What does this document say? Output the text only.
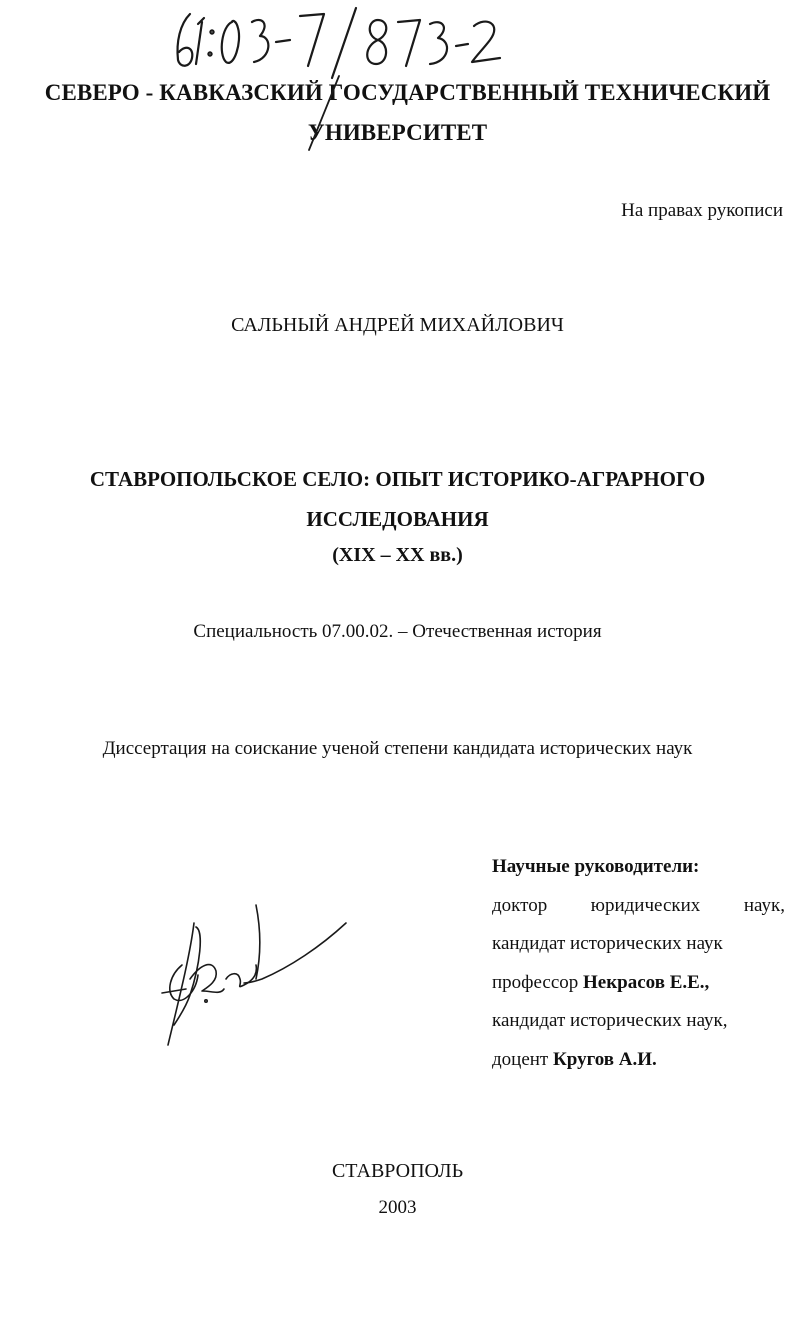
СЕВЕРО - КАВКАЗСКИЙ ГОСУДАРСТВЕННЫЙ ТЕХНИЧЕСКИЙ
УНИВЕРСИТЕТ
На правах рукописи
САЛЬНЫЙ АНДРЕЙ МИХАЙЛОВИЧ
СТАВРОПОЛЬСКОЕ СЕЛО: ОПЫТ ИСТОРИКО-АГРАРНОГО
ИССЛЕДОВАНИЯ
(XIX – XX вв.)
Специальность 07.00.02. – Отечественная история
Диссертация на соискание ученой степени кандидата исторических наук
Научные руководители:
доктор юридических наук,
кандидат исторических наук
профессор Некрасов Е.Е.,
кандидат исторических наук,
доцент Кругов А.И.
СТАВРОПОЛЬ
2003
